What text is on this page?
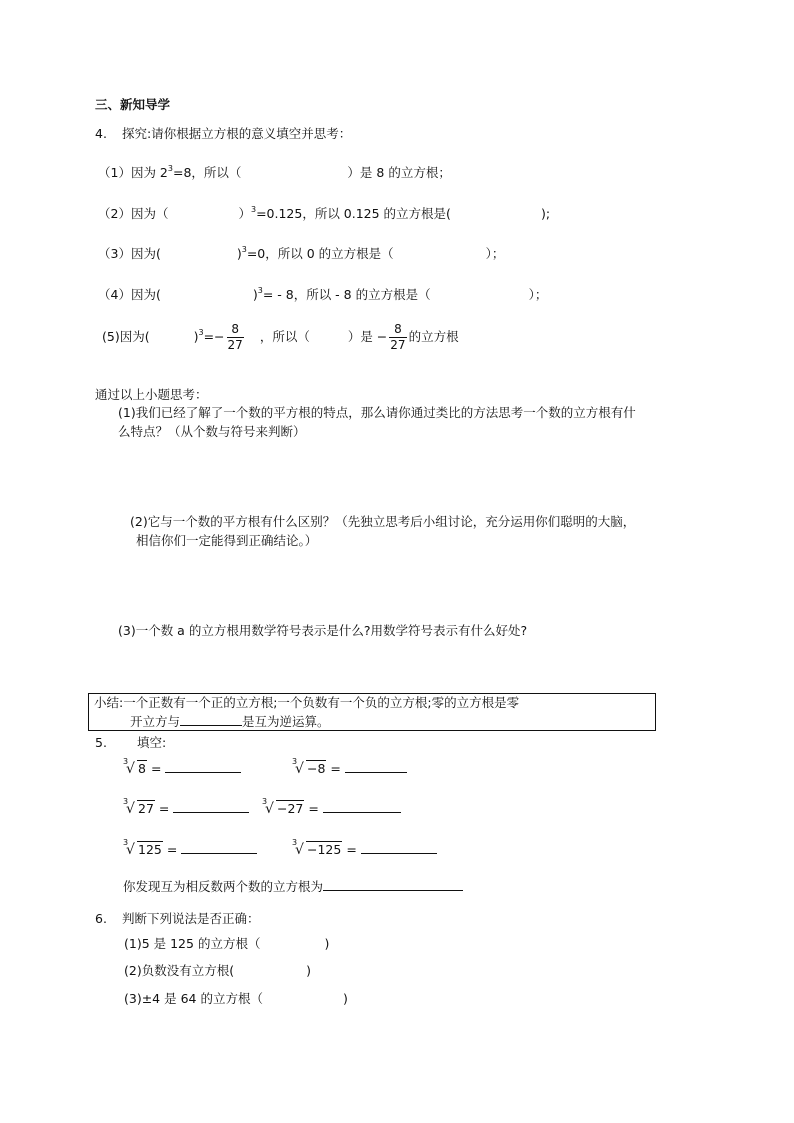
三、新知导学
4. 探究:请你根据立方根的意义填空并思考：
（1）因为 $2^3=8$，所以（	）是 8 的立方根；
（2）因为（	）$^3$=0.125，所以 0.125 的立方根是(	);
（3）因为(	)$^3$=0，所以 0 的立方根是（	）；
（4）因为(	)$^3$= - 8，所以 - 8 的立方根是（	）；
(5)因为(	)$^3=- \frac{8}{27}$ ，所以（	）是 − $\frac{8}{27}$ 的立方根
通过以上小题思考：
(1)我们已经了解了一个数的平方根的特点，那么请你通过类比的方法思考一个数的立方根有什
么特点？（从个数与符号来判断）
(2)它与一个数的平方根有什么区别？（先独立思考后小组讨论，充分运用你们聪明的大脑，
相信你们一定能得到正确结论。）
(3)一个数 a 的立方根用数学符号表示是什么?用数学符号表示有什么好处?
小结:一个正数有一个正的立方根;一个负数有一个负的立方根;零的立方根是零
开立方与	是互为逆运算。
5. 填空:
3
√ 8 =	3
√ −8 =
3
√ 27 =	3
√ −27 =
3
√ 125 =	3
√ −125 =
你发现互为相反数两个数的立方根为
6. 判断下列说法是否正确：
(1)5 是 125 的立方根（	)
(2)负数没有立方根(	)
(3)±4 是 64 的立方根（	)
